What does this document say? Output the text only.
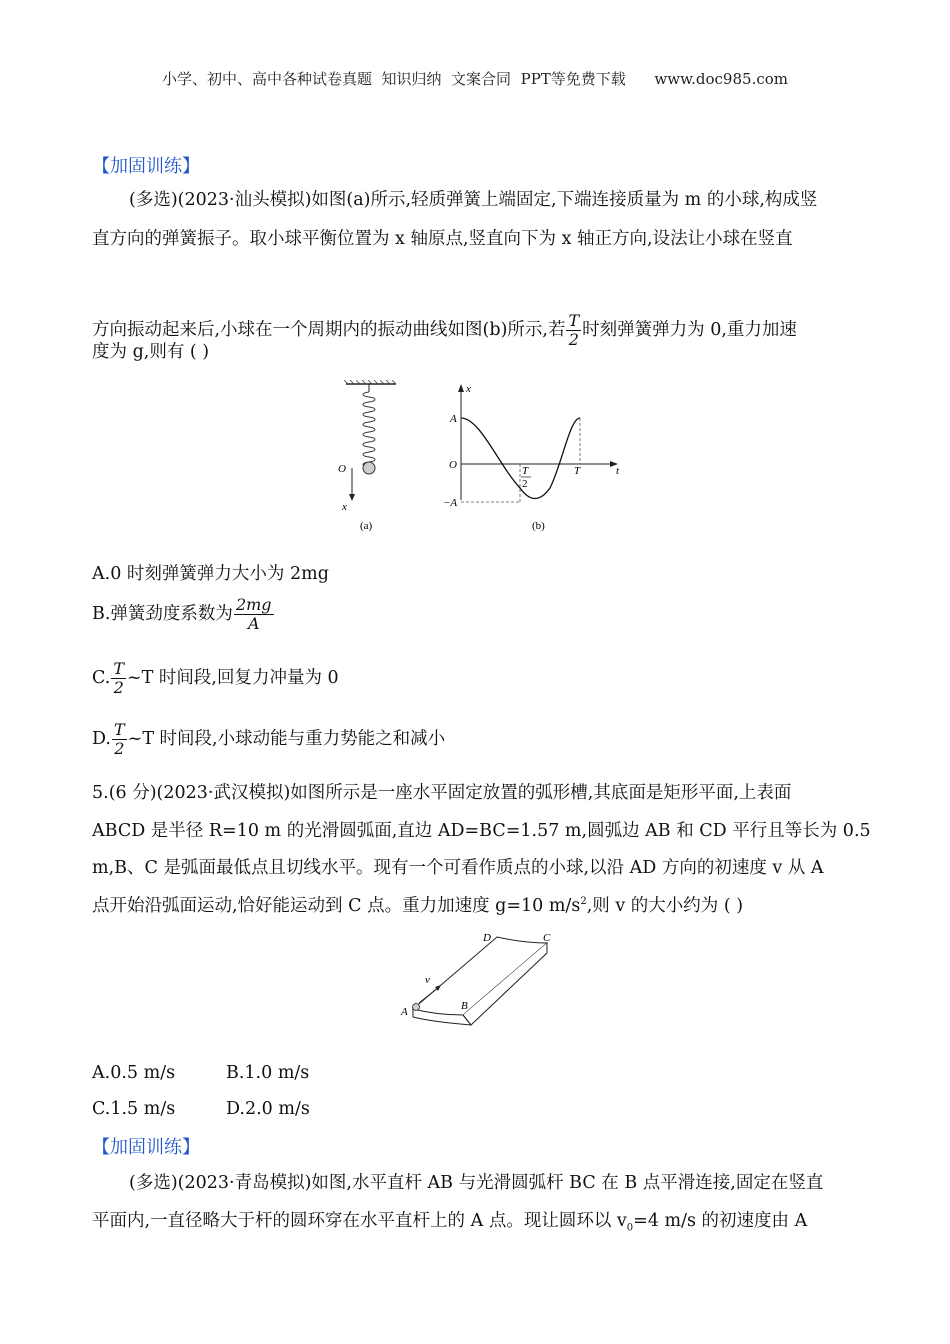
小学、初中、高中各种试卷真题  知识归纳  文案合同  PPT等免费下载      www.doc985.com
【加固训练】
(多选)(2023·汕头模拟)如图(a)所示,轻质弹簧上端固定,下端连接质量为 m 的小球,构成竖
直方向的弹簧振子。取小球平衡位置为 x 轴原点,竖直向下为 x 轴正方向,设法让小球在竖直
方向振动起来后,小球在一个周期内的振动曲线如图(b)所示,若 $\frac{T}{2}$ 时刻弹簧弹力为 0,重力加速
度为 g,则有 ( )
O
x
(a)
x
A
O
−A
T
2
T	t
(b)
A.0 时刻弹簧弹力大小为 2mg
B.弹簧劲度系数为 $\frac{2mg}{A}$
C. $\frac{T}{2}$ ~T 时间段,回复力冲量为 0
D. $\frac{T}{2}$ ~T 时间段,小球动能与重力势能之和减小
5.(6 分)(2023·武汉模拟)如图所示是一座水平固定放置的弧形槽,其底面是矩形平面,上表面
ABCD 是半径 R=10 m 的光滑圆弧面,直边 AD=BC=1.57 m,圆弧边 AB 和 CD 平行且等长为 0.5
m,B、C 是弧面最低点且切线水平。现有一个可看作质点的小球,以沿 AD 方向的初速度 v 从 A
点开始沿弧面运动,恰好能运动到 C 点。重力加速度 g=10 $m/s^2$,则 v 的大小约为 ( )
v
A	B
C
D
A.0.5 m/s	B.1.0 m/s
C.1.5 m/s	D.2.0 m/s
【加固训练】
(多选)(2023·青岛模拟)如图,水平直杆 AB 与光滑圆弧杆 BC 在 B 点平滑连接,固定在竖直
平面内,一直径略大于杆的圆环穿在水平直杆上的 A 点。现让圆环以 $v_0=4$ m/s 的初速度由 A
